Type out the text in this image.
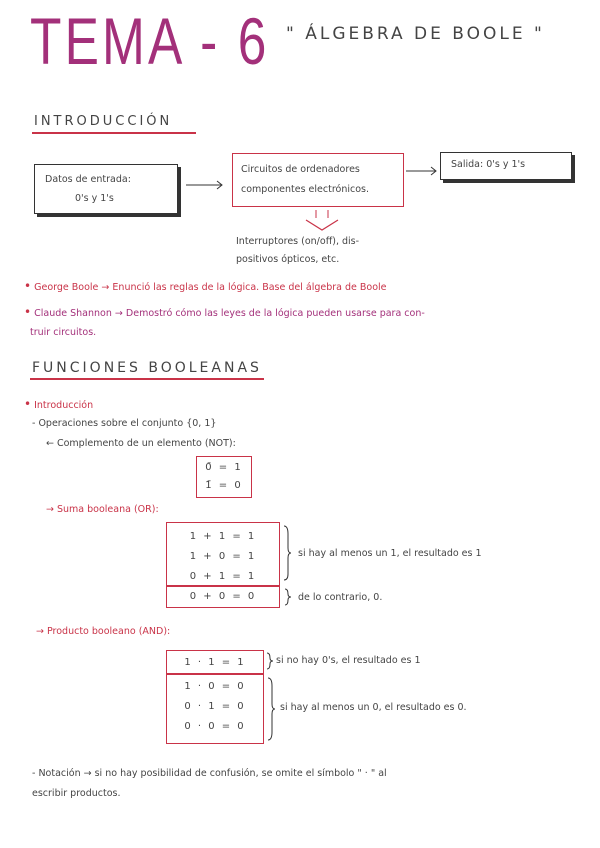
TEMA - 6 " ÁLGEBRA DE BOOLE "
INTRODUCCIÓN
Datos de entrada:
0's y 1's
Circuitos de ordenadores
componentes electrónicos.
Salida: 0's y 1's
Interruptores (on/off), dis-
positivos ópticos, etc.
• George Boole → Enunció las reglas de la lógica. Base del álgebra de Boole
• Claude Shannon → Demostró cómo las leyes de la lógica pueden usarse para con-
truir circuitos.
FUNCIONES BOOLEANAS
• Introducción
- Operaciones sobre el conjunto {0, 1}
← Complemento de un elemento (NOT):
0̄ = 1
1̄ = 0
→ Suma booleana (OR):
1 + 1 = 1
1 + 0 = 1
0 + 1 = 1
0 + 0 = 0
si hay al menos un 1, el resultado es 1
de lo contrario, 0.
→ Producto booleano (AND):
1 · 1 = 1
1 · 0 = 0
0 · 1 = 0
0 · 0 = 0
si no hay 0's, el resultado es 1
si hay al menos un 0, el resultado es 0.
- Notación → si no hay posibilidad de confusión, se omite el símbolo " · " al
escribir productos.
